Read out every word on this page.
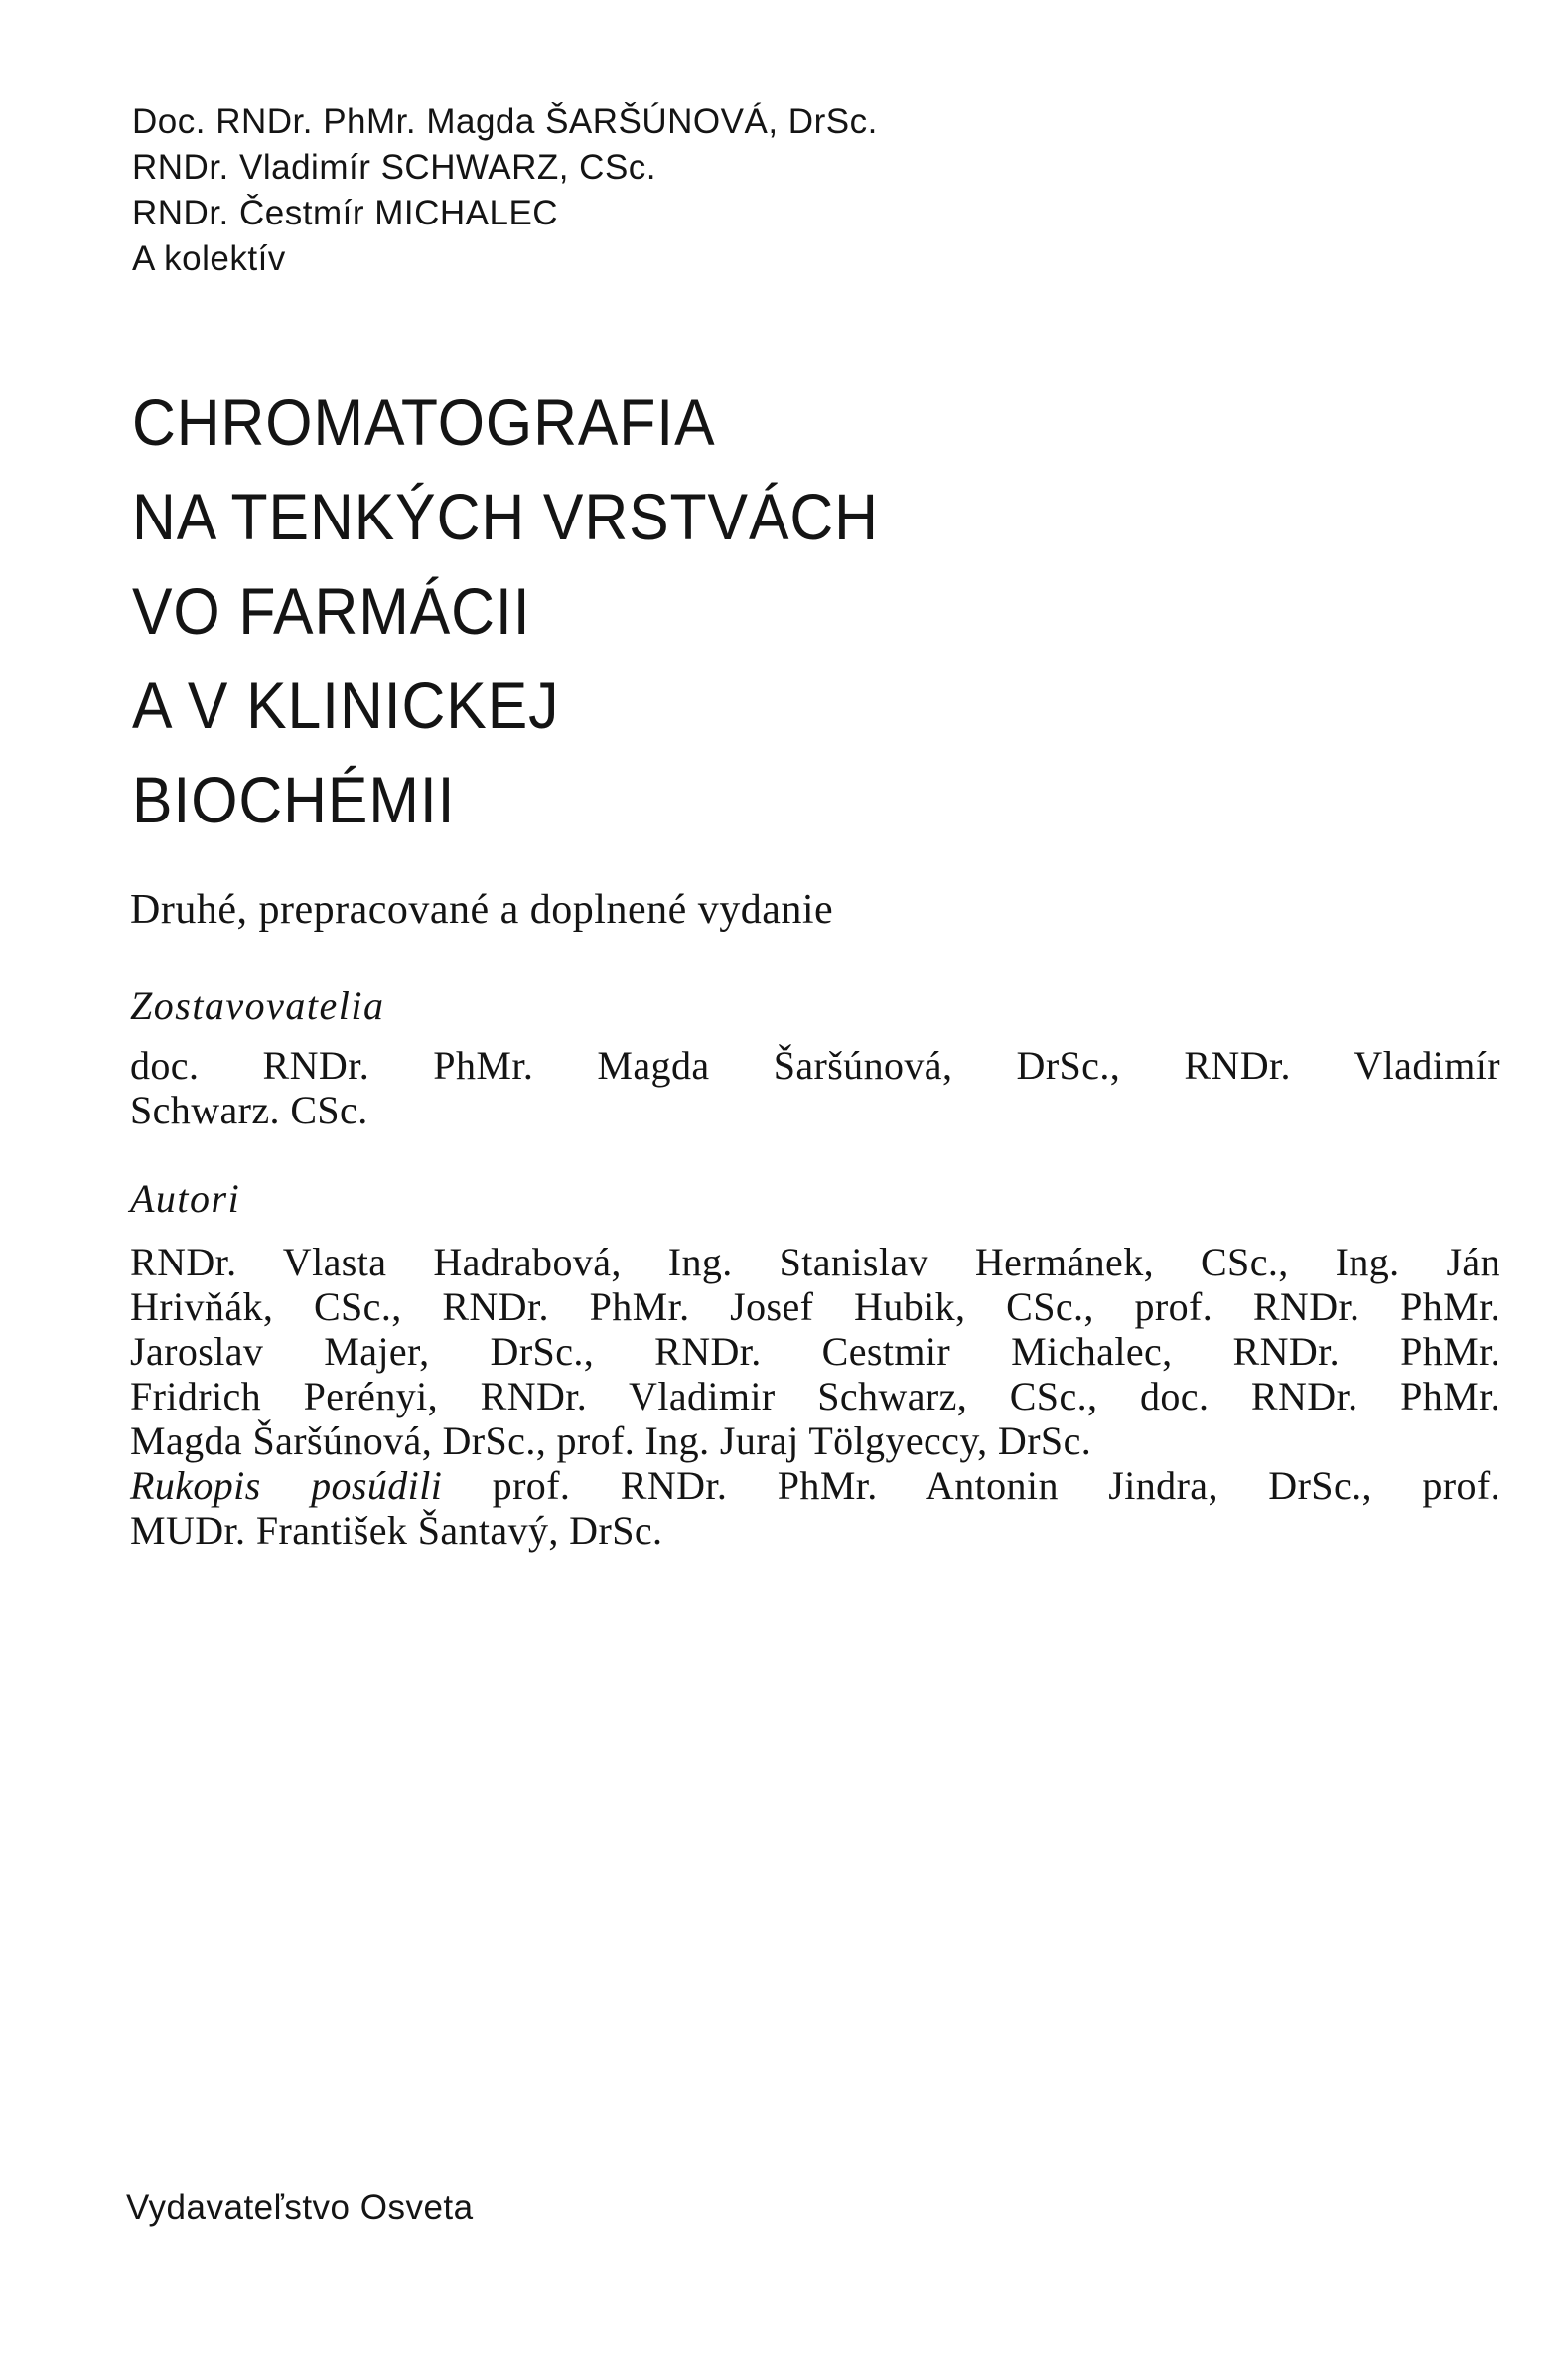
Doc. RNDr. PhMr. Magda ŠARŠÚNOVÁ, DrSc.
RNDr. Vladimír SCHWARZ, CSc.
RNDr. Čestmír MICHALEC
A kolektív
CHROMATOGRAFIA
NA TENKÝCH VRSTVÁCH
VO FARMÁCII
A V KLINICKEJ
BIOCHÉMII
Druhé, prepracované a doplnené vydanie
Zostavovatelia
doc. RNDr. PhMr. Magda Šaršúnová, DrSc., RNDr. Vladimír
Schwarz. CSc.
Autori
RNDr. Vlasta Hadrabová, Ing. Stanislav Hermánek, CSc., Ing. Ján
Hrivňák, CSc., RNDr. PhMr. Josef Hubik, CSc., prof. RNDr. PhMr.
Jaroslav Majer, DrSc., RNDr. Cestmir Michalec, RNDr. PhMr.
Fridrich Perényi, RNDr. Vladimir Schwarz, CSc., doc. RNDr. PhMr.
Magda Šaršúnová, DrSc., prof. Ing. Juraj Tölgyeccy, DrSc.
Rukopis posúdili prof. RNDr. PhMr. Antonin Jindra, DrSc., prof.
MUDr. František Šantavý, DrSc.
Vydavateľstvo Osveta
